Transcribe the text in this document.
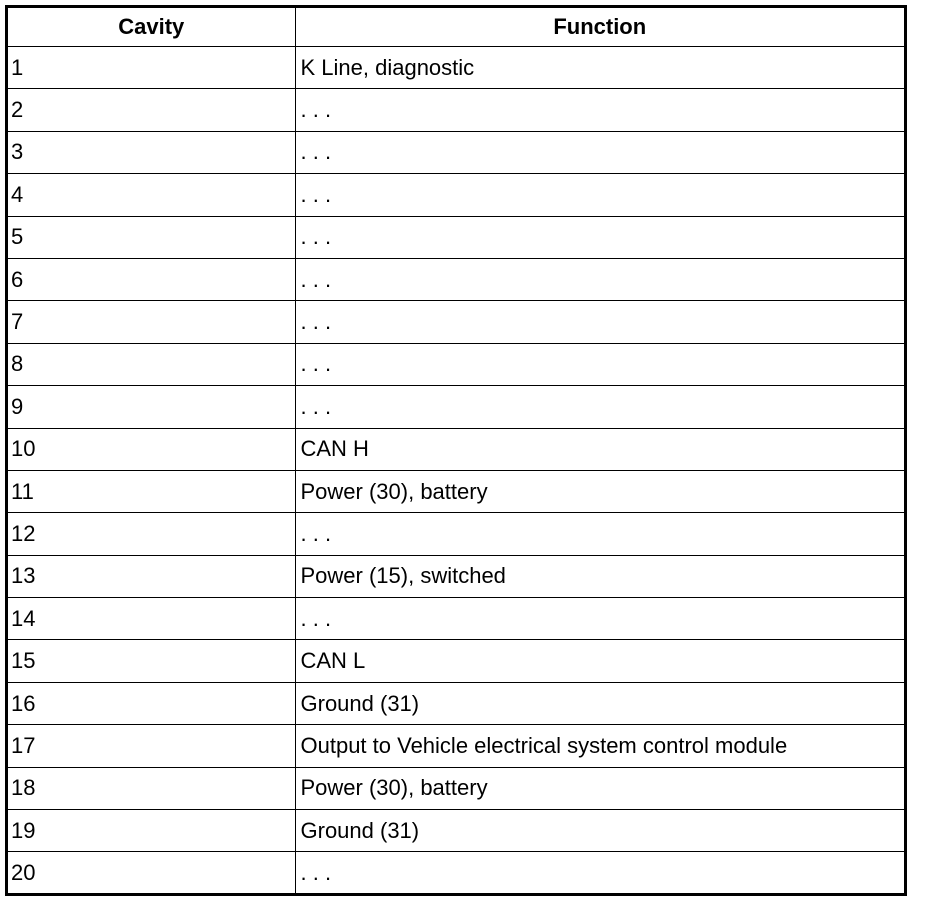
Cavity	Function
1	K Line, diagnostic
2	. . .
3	. . .
4	. . .
5	. . .
6	. . .
7	. . .
8	. . .
9	. . .
10	CAN H
11	Power (30), battery
12	. . .
13	Power (15), switched
14	. . .
15	CAN L
16	Ground (31)
17	Output to Vehicle electrical system control module
18	Power (30), battery
19	Ground (31)
20	. . .
